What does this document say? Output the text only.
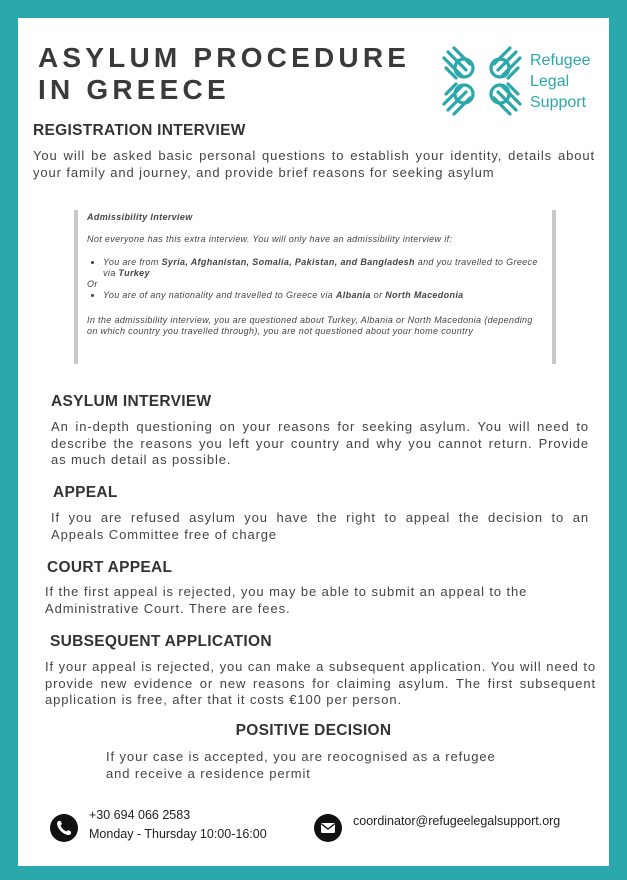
ASYLUM PROCEDURE
IN GREECE
Refugee
Legal
Support
REGISTRATION INTERVIEW

You will be asked basic personal questions to establish your identity, details about your family and journey, and provide brief reasons for seeking asylum

Admissibility Interview
Not everyone has this extra interview. You will only have an admissibility interview if:
• You are from Syria, Afghanistan, Somalia, Pakistan, and Bangladesh and you travelled to Greece via Turkey
Or
• You are of any nationality and travelled to Greece via Albania or North Macedonia
In the admissibility interview, you are questioned about Turkey, Albania or North Macedonia (depending on which country you travelled through), you are not questioned about your home country
ASYLUM INTERVIEW

An in-depth questioning on your reasons for seeking asylum. You will need to describe the reasons you left your country and why you cannot return. Provide as much detail as possible.

APPEAL

If you are refused asylum you have the right to appeal the decision to an Appeals Committee free of charge

COURT APPEAL

If the first appeal is rejected, you may be able to submit an appeal to the Administrative Court. There are fees.

SUBSEQUENT APPLICATION

If your appeal is rejected, you can make a subsequent application. You will need to provide new evidence or new reasons for claiming asylum. The first subsequent application is free, after that it costs €100 per person.

POSITIVE DECISION
If your case is accepted, you are reocognised as a refugee
and receive a residence permit
+30 694 066 2583
Monday - Thursday 10:00-16:00
coordinator@refugeelegalsupport.org
